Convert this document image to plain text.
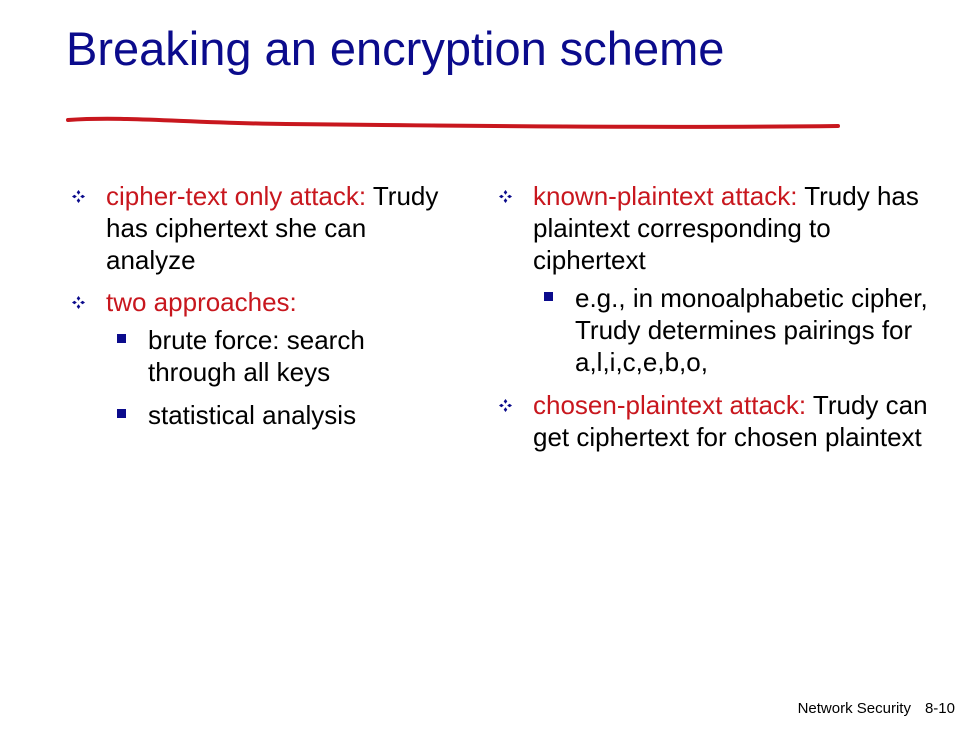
Breaking an encryption scheme
cipher-text only attack: Trudy has ciphertext she can analyze
two approaches:
brute force: search through all keys
statistical analysis
known-plaintext attack: Trudy has plaintext corresponding to ciphertext
e.g., in monoalphabetic cipher, Trudy determines pairings for a,l,i,c,e,b,o,
chosen-plaintext attack: Trudy can get ciphertext for chosen plaintext
Network Security 8-10
